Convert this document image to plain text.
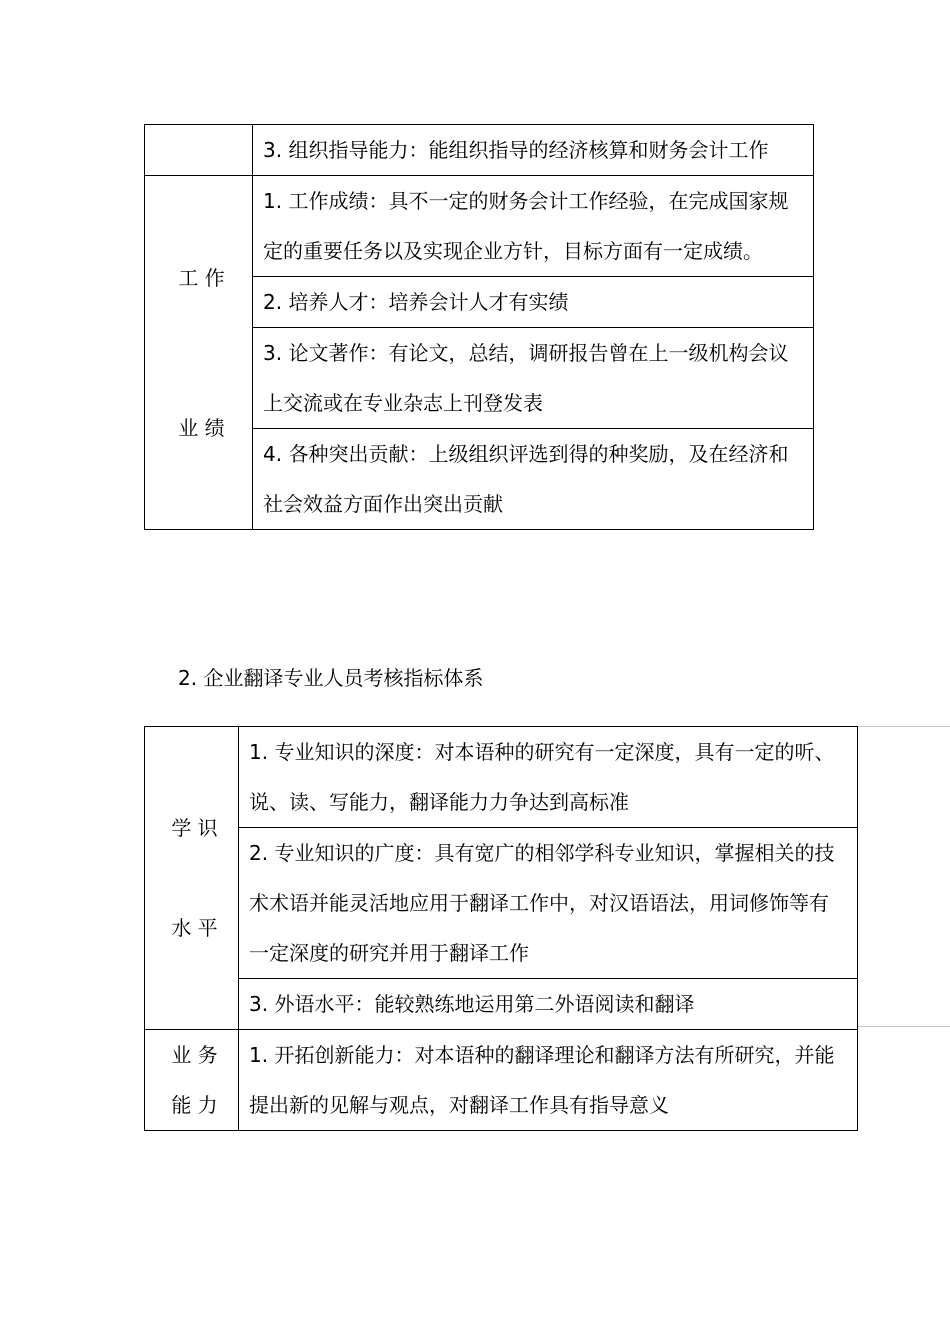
	3. 组织指导能力：能组织指导的经济核算和财务会计工作

工 作
业 绩	1. 工作成绩：具不一定的财务会计工作经验，在完成国家规定的重要任务以及实现企业方针，目标方面有一定成绩。

	2. 培养人才：培养会计人才有实绩

	3. 论文著作：有论文，总结，调研报告曾在上一级机构会议上交流或在专业杂志上刊登发表

	4. 各种突出贡献：上级组织评选到得的种奖励，及在经济和社会效益方面作出突出贡献
2. 企业翻译专业人员考核指标体系
学 识
水 平	1. 专业知识的深度：对本语种的研究有一定深度，具有一定的听、说、读、写能力，翻译能力力争达到高标准

	2. 专业知识的广度：具有宽广的相邻学科专业知识，掌握相关的技术术语并能灵活地应用于翻译工作中，对汉语语法，用词修饰等有一定深度的研究并用于翻译工作

	3. 外语水平：能较熟练地运用第二外语阅读和翻译

业 务
能 力	1. 开拓创新能力：对本语种的翻译理论和翻译方法有所研究，并能提出新的见解与观点，对翻译工作具有指导意义
